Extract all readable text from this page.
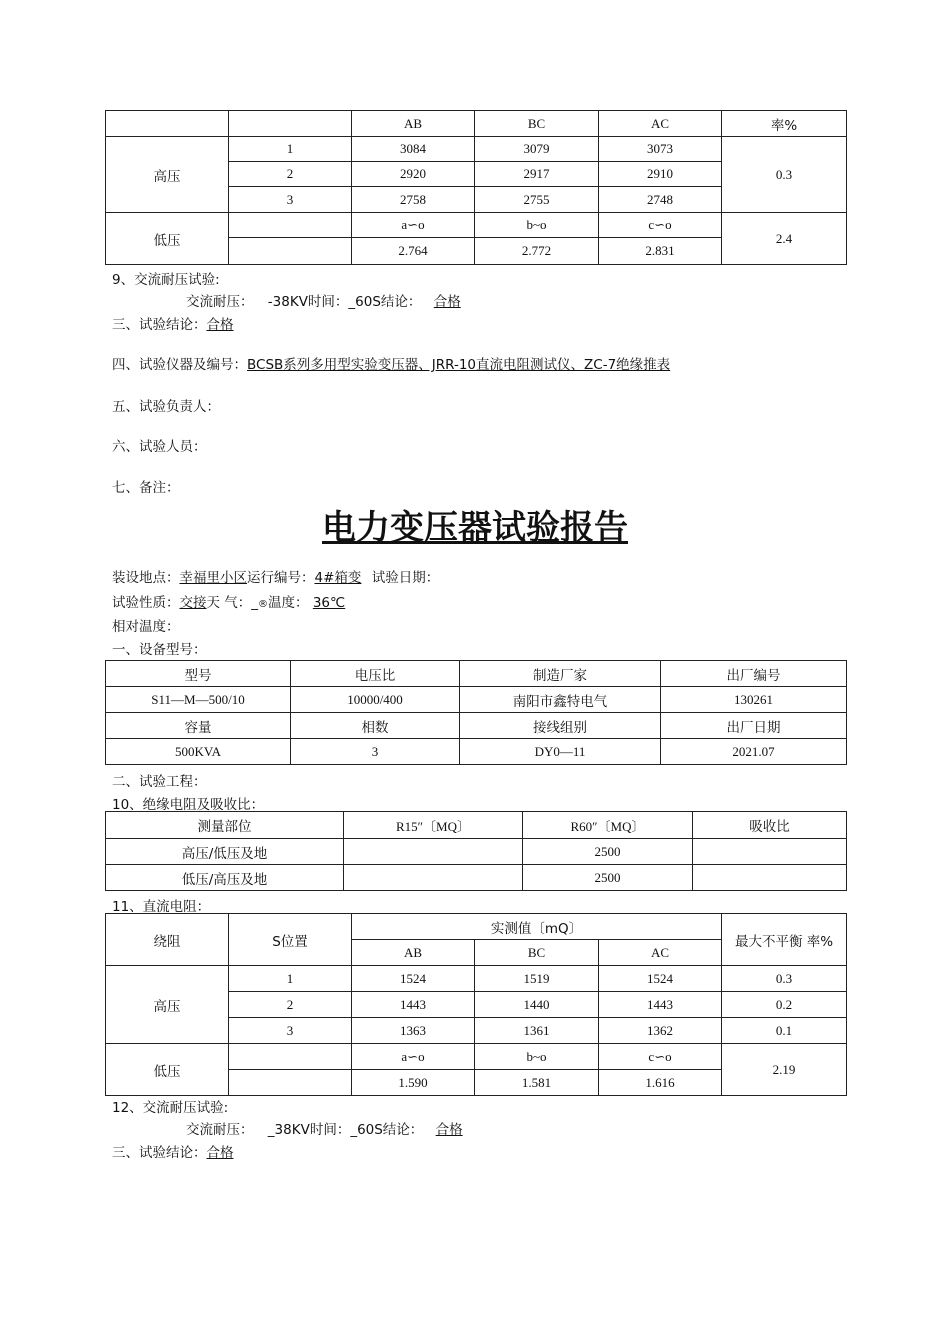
		AB	BC	AC	率%
高压	1	3084	3079	3073	0.3
	2	2920	2917	2910	
	3	2758	2755	2748	
低压		a∽o	b~o	c∽o	2.4
		2.764	2.772	2.831	
9、交流耐压试验:
交流耐压： -38KV时间：_60S结论： 合格
三、试验结论：合格
四、试验仪器及编号：BCSB系列多用型实验变压器、JRR-10直流电阻测试仪、ZC-7绝缘推表
五、试验负责人：
六、试验人员：
七、备注：
电力变压器试验报告
装设地点：幸福里小区运行编号：4#箱变 试验日期：
试验性质：交接天 气：_®温度： 36℃
相对温度：
一、设备型号：
型号	电压比	制造厂家	出厂编号
S11—M—500/10	10000/400	南阳市鑫特电气	130261
容量	相数	接线组别	出厂日期
500KVA	3	DY0—11	2021.07
二、试验工程：
10、绝缘电阻及吸收比：
测量部位	R15″〔MQ〕	R60″〔MQ〕	吸收比
高压/低压及地		2500	
低压/高压及地		2500	
11、直流电阻：
绕阻	S位置	实测值〔mQ〕			最大不平衡 率%
		AB	BC	AC	
高压	1	1524	1519	1524	0.3
	2	1443	1440	1443	0.2
	3	1363	1361	1362	0.1
低压		a∽o	b~o	c∽o	2.19
		1.590	1.581	1.616	
12、交流耐压试验:
交流耐压： _38KV时间：_60S结论： 合格
三、试验结论：合格
